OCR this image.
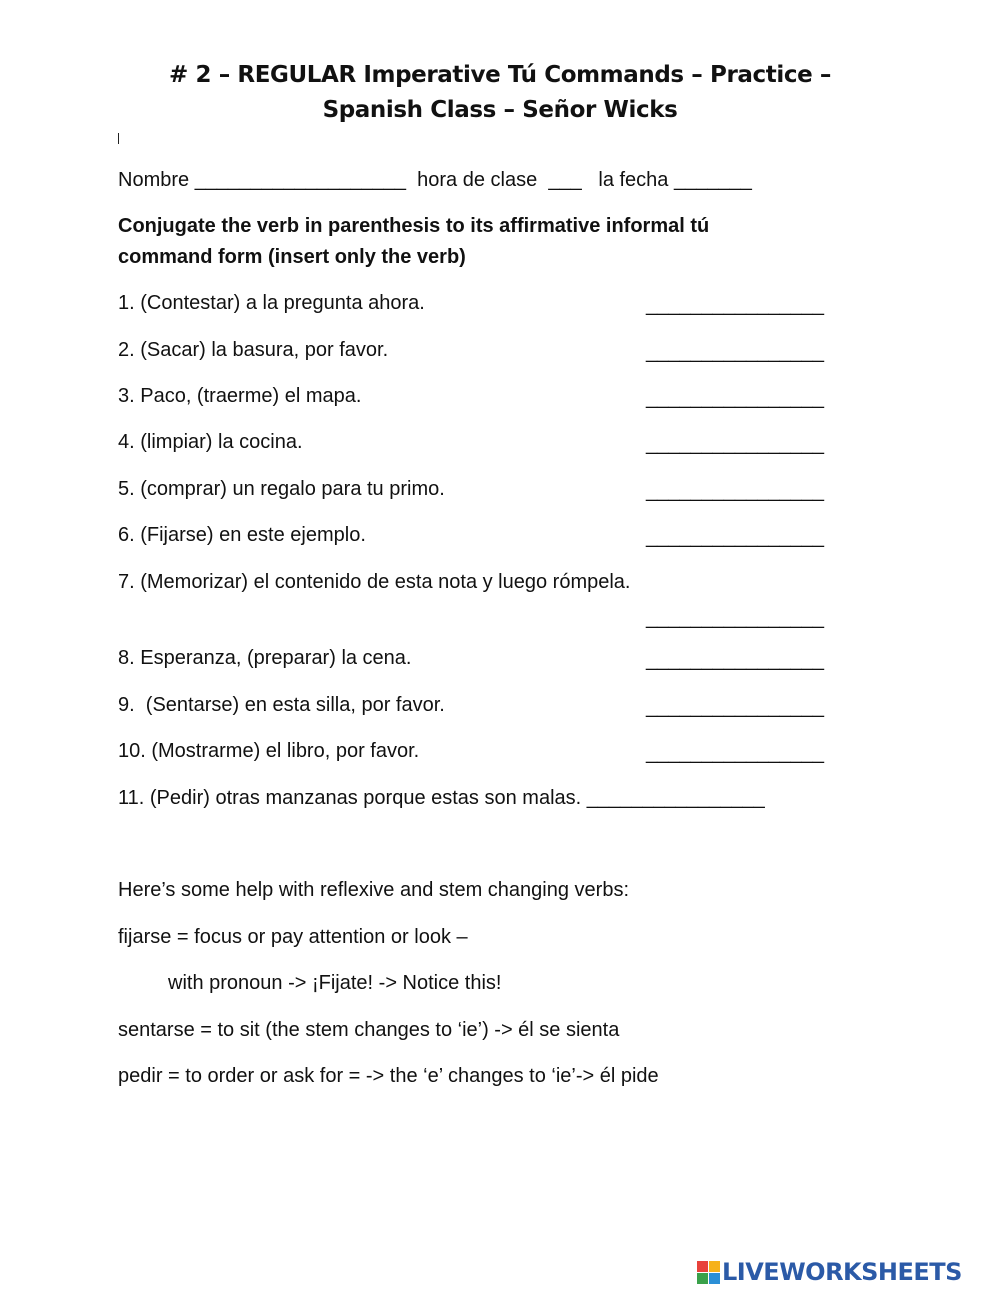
# 2 – REGULAR Imperative Tú Commands – Practice –
Spanish Class – Señor Wicks
Nombre ___________________  hora de clase  ___   la fecha _______
Conjugate the verb in parenthesis to its affirmative informal tú
command form (insert only the verb)
1. (Contestar) a la pregunta ahora.	________________
2. (Sacar) la basura, por favor.	________________
3. Paco, (traerme) el mapa.	________________
4. (limpiar) la cocina.	________________
5. (comprar) un regalo para tu primo.	________________
6. (Fijarse) en este ejemplo.	________________
7. (Memorizar) el contenido de esta nota y luego rómpela.
________________
8. Esperanza, (preparar) la cena.	________________
9.  (Sentarse) en esta silla, por favor.	________________
10. (Mostrarme) el libro, por favor.	________________
11. (Pedir) otras manzanas porque estas son malas. ________________
Here’s some help with reflexive and stem changing verbs:
fijarse = focus or pay attention or look –
with pronoun -> ¡Fijate! -> Notice this!
sentarse = to sit (the stem changes to ‘ie’) -> él se sienta
pedir = to order or ask for = -> the ‘e’ changes to ‘ie’-> él pide
LIVEWORKSHEETS
